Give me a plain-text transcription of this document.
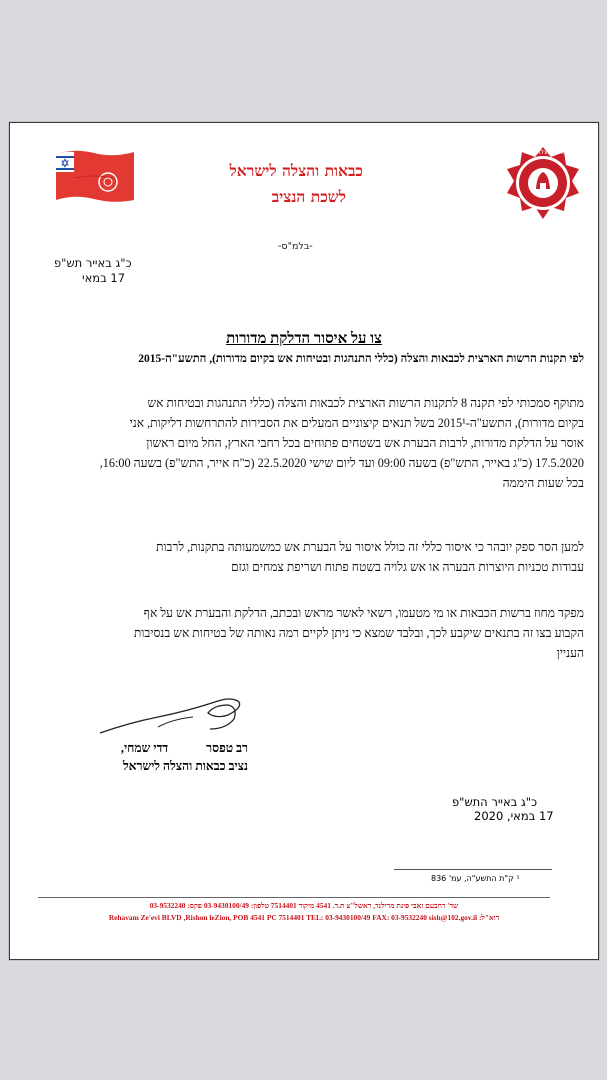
כבאות והצלה לישראל
לשכת הנציב
כבאות והצלה לישראל
-בלמ"ס-
כ"ג באייר תש"פ
17 במאי
צו על איסור הדלקת מדורות
לפי תקנות הרשות הארצית לכבאות והצלה (כללי התנהגות ובטיחות אש בקיום מדורות), התשע"ה-2015

מתוקף סמכותי לפי תקנה 8 לתקנות הרשות הארצית לכבאות והצלה (כללי התנהגות ובטיחות אש
בקיום מדורות), התשע"ה-2015¹ בשל תנאים קיצוניים המעלים את הסבירות להתרחשות דליקות, אני
אוסר על הדלקת מדורות, לרבות הבערת אש בשטחים פתוחים בכל רחבי הארץ, החל מיום ראשון
17.5.2020 (כ"ג באייר, התש"פ) בשעה 09:00 ועד ליום שישי 22.5.2020 (כ"ח אייר, התש"פ) בשעה 16:00,
בכל שעות היממה

למען הסר ספק יובהר כי איסור כללי זה כולל איסור על הבערת אש כמשמעותה בתקנות, לרבות
עבודות טכניות היוצרות הבערה או אש גלויה בשטח פתוח ושריפת צמחים וגזם

מפקד מחוז ברשות הכבאות או מי מטעמו, רשאי לאשר מראש ובכתב, הדלקת והבערת אש על אף
הקבוע בצו זה בתנאים שיקבע לכך, ובלבד שמצא כי ניתן לקיים רמה נאותה של בטיחות אש בנסיבות
העניין

רב טפסרדדי שמחי,
נציב כבאות והצלה לישראל
כ"ג באייר התש"פ
17 במאי, 2020
¹ ק"ת התשע"ה, עמ' 836
שד' רחבעם זאבי פינת מרילנד, ראשל"צ ת.ד. 4541 מיקוד 7514401 טלפון: 03-9430100/49 פקס: 03-9532240
דוא"ל: Rehavam Ze'evi BLVD ,Rishon leZion, POB 4541 PC 7514401 TEL: 03-9430100/49 FAX: 03-9532240 sish@102.gov.il
